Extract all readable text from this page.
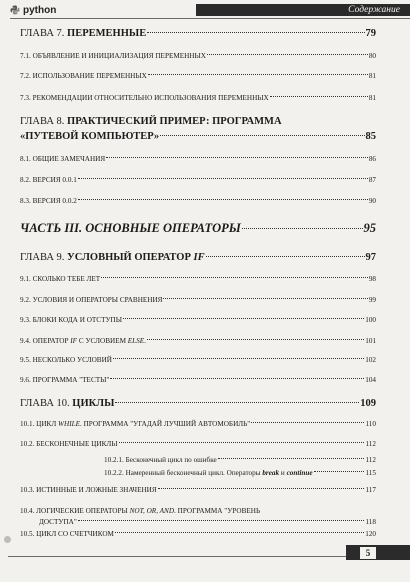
python	Содержание
ГЛАВА 7. ПЕРЕМЕННЫЕ	79
7.1. ОБЪЯВЛЕНИЕ И ИНИЦИАЛИЗАЦИЯ ПЕРЕМЕННЫХ	80
7.2. ИСПОЛЬЗОВАНИЕ ПЕРЕМЕННЫХ	81
7.3. РЕКОМЕНДАЦИИ ОТНОСИТЕЛЬНО ИСПОЛЬЗОВАНИЯ ПЕРЕМЕННЫХ	81
ГЛАВА 8. ПРАКТИЧЕСКИЙ ПРИМЕР: ПРОГРАММА
«ПУТЕВОЙ КОМПЬЮТЕР»	85
8.1. ОБЩИЕ ЗАМЕЧАНИЯ	86
8.2. ВЕРСИЯ 0.0.1	87
8.3. ВЕРСИЯ 0.0.2	90
ЧАСТЬ III. ОСНОВНЫЕ ОПЕРАТОРЫ	95
ГЛАВА 9. УСЛОВНЫЙ ОПЕРАТОР IF	97
9.1. СКОЛЬКО ТЕБЕ ЛЕТ	98
9.2. УСЛОВИЯ И ОПЕРАТОРЫ СРАВНЕНИЯ	99
9.3. БЛОКИ КОДА И ОТСТУПЫ	100
9.4. ОПЕРАТОР IF С УСЛОВИЕМ ELSE.	101
9.5. НЕСКОЛЬКО УСЛОВИЙ	102
9.6. ПРОГРАММА "ТЕСТЫ"	104
ГЛАВА 10. ЦИКЛЫ	109
10.1. ЦИКЛ WHILE. ПРОГРАММА "УГАДАЙ ЛУЧШИЙ АВТОМОБИЛЬ"	110
10.2. БЕСКОНЕЧНЫЕ ЦИКЛЫ	112
10.2.1. Бесконечный цикл по ошибке	112
10.2.2. Намеренный бесконечный цикл. Операторы break и continue	115
10.3. ИСТИННЫЕ И ЛОЖНЫЕ ЗНАЧЕНИЯ	117
10.4. ЛОГИЧЕСКИЕ ОПЕРАТОРЫ NOT, OR, AND. ПРОГРАММА "УРОВЕНЬ
ДОСТУПА"	118
10.5. ЦИКЛ СО СЧЕТЧИКОМ	120
5
